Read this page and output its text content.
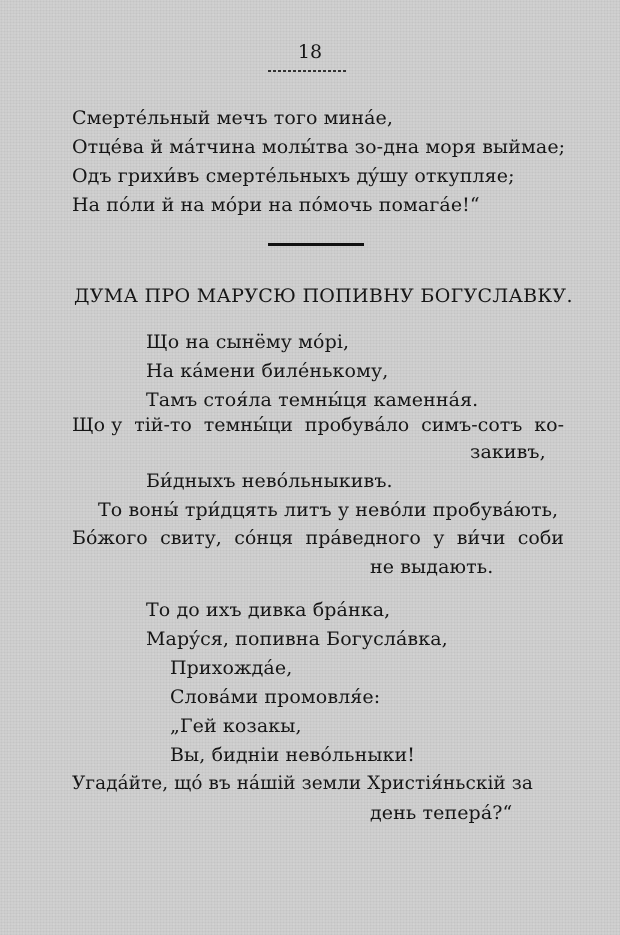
18
Смертéльный мечъ того минáе,
Отцéва й мáтчина молы́тва зо-дна моря выймае;
Одъ грихи́въ смертéльныхъ дýшу откупляе;
На пóли й на мóри на пóмочь помагáе!“
ДУМА ПРО МАРУСЮ ПОПИВНУ БОГУСЛАВКУ.
Що на сынёму мóрі,
На кáмени билéнькому,
Тамъ стоя́ла темны́ця каменнáя.
Що у тій-то темны́ци пробувáло симъ-сотъ ко-
закивъ,
Би́дныхъ невóльныкивъ.
То воны́ три́дцять литъ у невóли пробувáють,
Бóжого свиту, сóнця прáведного у ви́чи соби
не выдають.
То до ихъ дивка брáнка,
Марýся, попивна Богуслáвка,
Прихождáе,
Словáми промовля́е:
„Гей козакы,
Вы, бидніи невóльныки!
Угадáйте, щó въ нáшій земли Христія́ньскій за
день теперá?“
